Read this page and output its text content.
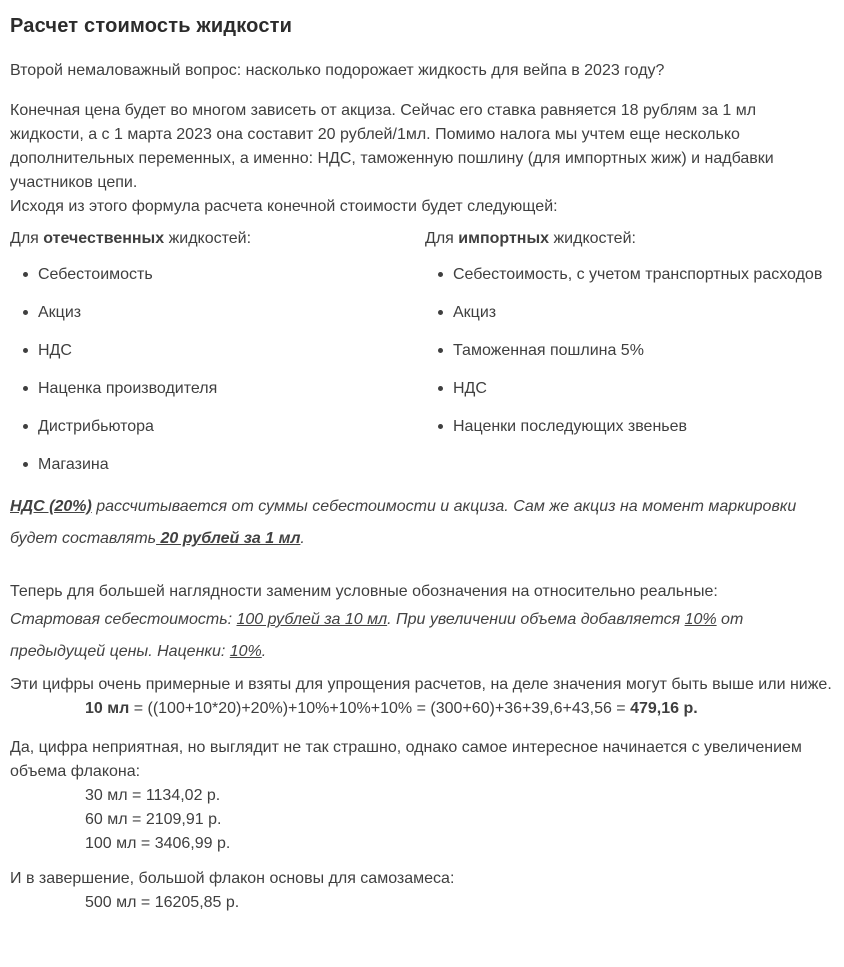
Расчет стоимость жидкости

Второй немаловажный вопрос: насколько подорожает жидкость для вейпа в 2023 году?

Конечная цена будет во многом зависеть от акциза. Сейчас его ставка равняется 18 рублям за 1 мл жидкости, а с 1 марта 2023 она составит 20 рублей/1мл. Помимо налога мы учтем еще несколько дополнительных переменных, а именно: НДС, таможенную пошлину (для импортных жиж) и надбавки участников цепи.
Исходя из этого формула расчета конечной стоимости будет следующей:

Для отечественных жидкостей:

Себестоимость
Акциз
НДС
Наценка производителя
Дистрибьютора
Магазина

Для импортных жидкостей:

Себестоимость, с учетом транспортных расходов
Акциз
Таможенная пошлина 5%
НДС
Наценки последующих звеньев

НДС (20%) рассчитывается от суммы себестоимости и акциза. Сам же акциз на момент маркировки будет составлять 20 рублей за 1 мл.

Теперь для большей наглядности заменим условные обозначения на относительно реальные:

Стартовая себестоимость: 100 рублей за 10 мл. При увеличении объема добавляется 10% от предыдущей цены. Наценки: 10%.

Эти цифры очень примерные и взяты для упрощения расчетов, на деле значения могут быть выше или ниже.

10 мл = ((100+10*20)+20%)+10%+10%+10% = (300+60)+36+39,6+43,56 = 479,16 р.

Да, цифра неприятная, но выглядит не так страшно, однако самое интересное начинается с увеличением объема флакона:

30 мл = 1134,02 р.

60 мл = 2109,91 р.

100 мл = 3406,99 р.

И в завершение, большой флакон основы для самозамеса:

500 мл = 16205,85 р.
